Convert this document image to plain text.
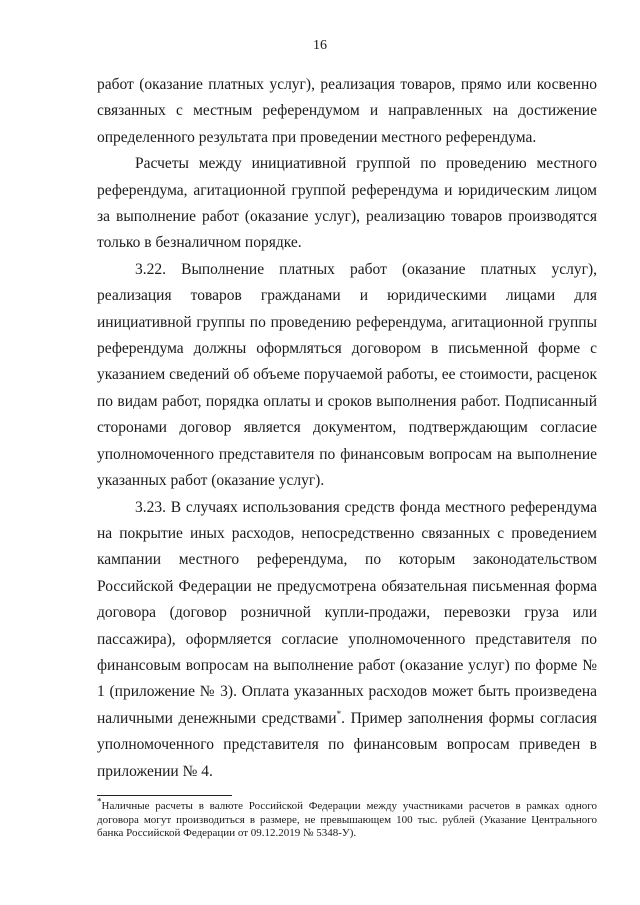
16

работ (оказание платных услуг), реализация товаров, прямо или косвенно связанных с местным референдумом и направленных на достижение определенного результата при проведении местного референдума.

Расчеты между инициативной группой по проведению местного референдума, агитационной группой референдума и юридическим лицом за выполнение работ (оказание услуг), реализацию товаров производятся только в безналичном порядке.

3.22. Выполнение платных работ (оказание платных услуг), реализация товаров гражданами и юридическими лицами для инициативной группы по проведению референдума, агитационной группы референдума должны оформляться договором в письменной форме с указанием сведений об объеме поручаемой работы, ее стоимости, расценок по видам работ, порядка оплаты и сроков выполнения работ. Подписанный сторонами договор является документом, подтверждающим согласие уполномоченного представителя по финансовым вопросам на выполнение указанных работ (оказание услуг).

3.23. В случаях использования средств фонда местного референдума на покрытие иных расходов, непосредственно связанных с проведением кампании местного референдума, по которым законодательством Российской Федерации не предусмотрена обязательная письменная форма договора (договор розничной купли-продажи, перевозки груза или пассажира), оформляется согласие уполномоченного представителя по финансовым вопросам на выполнение работ (оказание услуг) по форме № 1 (приложение № 3). Оплата указанных расходов может быть произведена наличными денежными средствами*. Пример заполнения формы согласия уполномоченного представителя по финансовым вопросам приведен в приложении № 4.

*Наличные расчеты в валюте Российской Федерации между участниками расчетов в рамках одного договора могут производиться в размере, не превышающем 100 тыс. рублей (Указание Центрального банка Российской Федерации от 09.12.2019 № 5348-У).
